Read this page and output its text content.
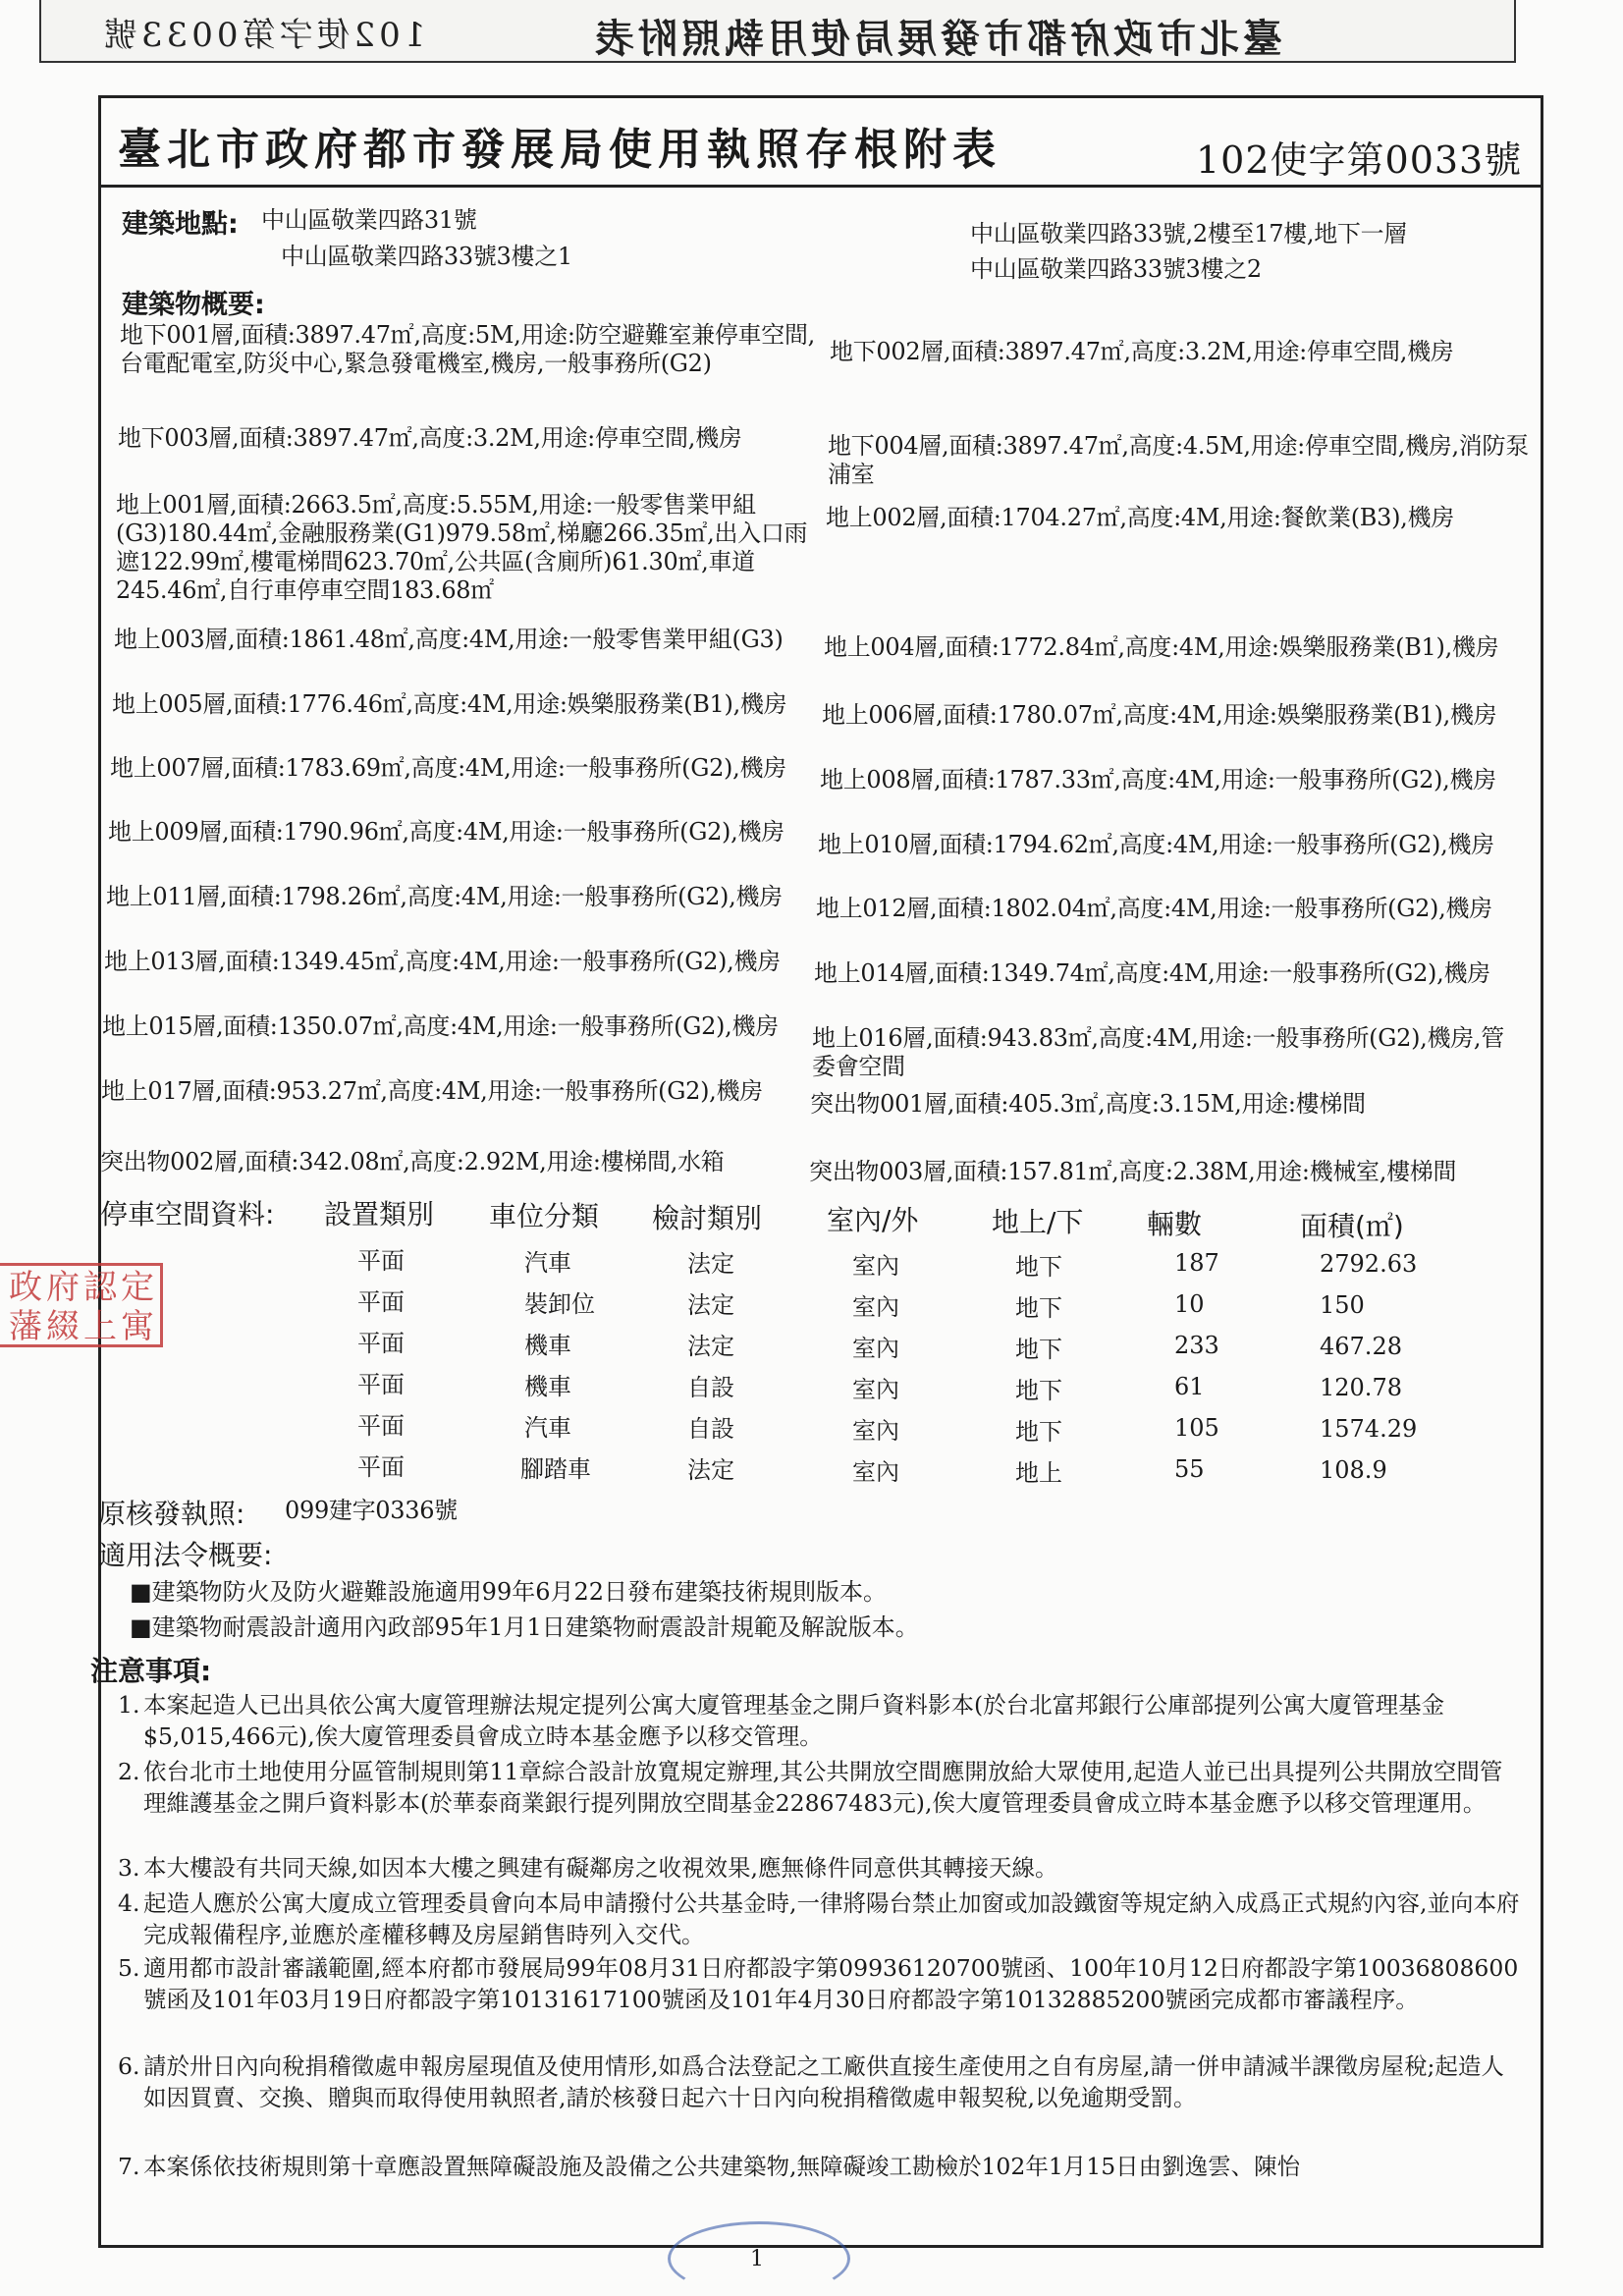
臺北市政府都市發展局使用執照附表
102使字第0033號
臺北市政府都市發展局使用執照存根附表	102使字第0033號
建築地點: 中山區敬業四路31號
中山區敬業四路33號3樓之1
中山區敬業四路33號,2樓至17樓,地下一層
中山區敬業四路33號3樓之2
建築物概要:
地下001層,面積:3897.47㎡,高度:5M,用途:防空避難室兼停車空間,台電配電室,防災中心,緊急發電機室,機房,一般事務所(G2)	地下002層,面積:3897.47㎡,高度:3.2M,用途:停車空間,機房
地下003層,面積:3897.47㎡,高度:3.2M,用途:停車空間,機房	地下004層,面積:3897.47㎡,高度:4.5M,用途:停車空間,機房,消防泵浦室
地上001層,面積:2663.5㎡,高度:5.55M,用途:一般零售業甲組(G3)180.44㎡,金融服務業(G1)979.58㎡,梯廳266.35㎡,出入口雨遮122.99㎡,樓電梯間623.70㎡,公共區(含廁所)61.30㎡,車道245.46㎡,自行車停車空間183.68㎡
地上002層,面積:1704.27㎡,高度:4M,用途:餐飲業(B3),機房
地上003層,面積:1861.48㎡,高度:4M,用途:一般零售業甲組(G3)	地上004層,面積:1772.84㎡,高度:4M,用途:娛樂服務業(B1),機房
地上005層,面積:1776.46㎡,高度:4M,用途:娛樂服務業(B1),機房	地上006層,面積:1780.07㎡,高度:4M,用途:娛樂服務業(B1),機房
地上007層,面積:1783.69㎡,高度:4M,用途:一般事務所(G2),機房	地上008層,面積:1787.33㎡,高度:4M,用途:一般事務所(G2),機房
地上009層,面積:1790.96㎡,高度:4M,用途:一般事務所(G2),機房	地上010層,面積:1794.62㎡,高度:4M,用途:一般事務所(G2),機房
地上011層,面積:1798.26㎡,高度:4M,用途:一般事務所(G2),機房	地上012層,面積:1802.04㎡,高度:4M,用途:一般事務所(G2),機房
地上013層,面積:1349.45㎡,高度:4M,用途:一般事務所(G2),機房	地上014層,面積:1349.74㎡,高度:4M,用途:一般事務所(G2),機房
地上015層,面積:1350.07㎡,高度:4M,用途:一般事務所(G2),機房	地上016層,面積:943.83㎡,高度:4M,用途:一般事務所(G2),機房,管委會空間
地上017層,面積:953.27㎡,高度:4M,用途:一般事務所(G2),機房	突出物001層,面積:405.3㎡,高度:3.15M,用途:樓梯間
突出物002層,面積:342.08㎡,高度:2.92M,用途:樓梯間,水箱	突出物003層,面積:157.81㎡,高度:2.38M,用途:機械室,樓梯間
停車空間資料: 設置類別 車位分類 檢討類別 室內/外	地上/下 輛數	面積(㎡)
平面	汽車	法定	室內	地下	187	2792.63
平面	裝卸位	法定	室內	地下	10	150
平面	機車	法定	室內	地下	233	467.28
平面	機車	自設	室內	地下	61	120.78
平面	汽車	自設	室內	地下	105	1574.29
平面	腳踏車	法定	室內	地上	55	108.9
原核發執照: 099建字0336號
適用法令概要:
■建築物防火及防火避難設施適用99年6月22日發布建築技術規則版本。
■建築物耐震設計適用內政部95年1月1日建築物耐震設計規範及解說版本。
注意事項:
1. 本案起造人已出具依公寓大廈管理辦法規定提列公寓大廈管理基金之開戶資料影本(於台北富邦銀行公庫部提列公寓大廈管理基金$5,015,466元),俟大廈管理委員會成立時本基金應予以移交管理。
2. 依台北市土地使用分區管制規則第11章綜合設計放寬規定辦理,其公共開放空間應開放給大眾使用,起造人並已出具提列公共開放空間管理維護基金之開戶資料影本(於華泰商業銀行提列開放空間基金22867483元),俟大廈管理委員會成立時本基金應予以移交管理運用。
3. 本大樓設有共同天線,如因本大樓之興建有礙鄰房之收視效果,應無條件同意供其轉接天線。
4. 起造人應於公寓大廈成立管理委員會向本局申請撥付公共基金時,一律將陽台禁止加窗或加設鐵窗等規定納入成爲正式規約內容,並向本府完成報備程序,並應於產權移轉及房屋銷售時列入交代。
5. 適用都市設計審議範圍,經本府都市發展局99年08月31日府都設字第09936120700號函、100年10月12日府都設字第10036808600號函及101年03月19日府都設字第10131617100號函及101年4月30日府都設字第10132885200號函完成都市審議程序。
6. 請於卅日內向稅捐稽徵處申報房屋現值及使用情形,如爲合法登記之工廠供直接生產使用之自有房屋,請一併申請減半課徵房屋稅;起造人如因買賣、交換、贈與而取得使用執照者,請於核發日起六十日內向稅捐稽徵處申報契稅,以免逾期受罰。
7. 本案係依技術規則第十章應設置無障礙設施及設備之公共建築物,無障礙竣工勘檢於102年1月15日由劉逸雲、陳怡
政 府 認 定
藩 綴 上 寓
1
